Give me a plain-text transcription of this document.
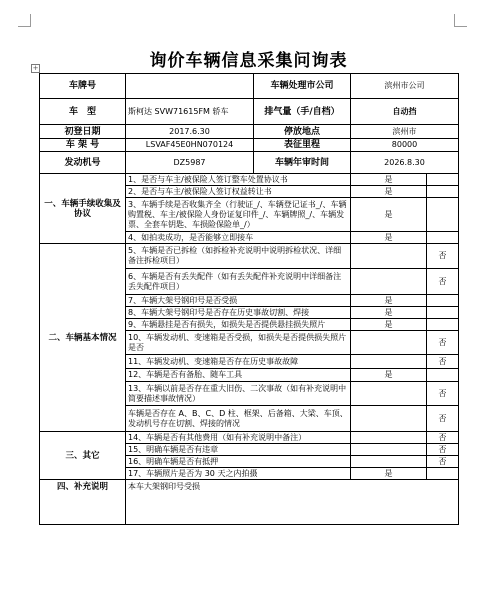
+	询价车辆信息采集问询表
车牌号		车辆处理市公司	滨州市公司	
车　型	斯柯达 SVW71615FM 轿车	排气量（手/自档）	自动挡	
初登日期	2017.6.30	停放地点	滨州市	
车 架 号	LSVAF45E0HN070124	表征里程	80000	
发动机号	DZ5987	车辆年审时间	2026.8.30	
一、车辆手续收集及协议	1、是否与车主/被保险人签订整车处置协议书		是	
	2、是否与车主/被保险人签订权益转让书		是	
	3、车辆手续是否收集齐全（行驶证_/、车辆登记证书_/、车辆购置税、车主/被保险人身份证复印件_/、车辆牌照_/、车辆发票、全套车钥匙、车损险保险单_/）		是	
	4、如拍卖成功，是否能够立即接车		是	
二、车辆基本情况	5、车辆是否已拆检（如拆检补充说明中说明拆检状况、详细备注拆检项目）			否
	6、车辆是否有丢失配件（如有丢失配件补充说明中详细备注丢失配件项目）			否
	7、车辆大架号钢印号是否受损		是	
	8、车辆大架号钢印号是否存在历史事故切割、焊接		是	
	9、车辆悬挂是否有损失，如损失是否提供悬挂损失照片		是	
	10、车辆发动机、变速箱是否受损，如损失是否提供损失照片是否			否
	11、车辆发动机、变速箱是否存在历史事故故障			否
	12、车辆是否有备胎、随车工具		是	
	13、车辆以前是否存在重大旧伤、二次事故（如有补充说明中简要描述事故情况）			否
	车辆是否存在 A、B、C、D 柱、框架、后备箱、大梁、车顶、发动机号存在切割、焊接的情况			否
三、其它	14、车辆是否有其他费用（如有补充说明中备注）			否
	15、明确车辆是否有违章			否
	16、明确车辆是否有抵押			否
	17、车辆照片是否为 30 天之内拍摄		是	
四、补充说明	本车大架钢印号受损			
